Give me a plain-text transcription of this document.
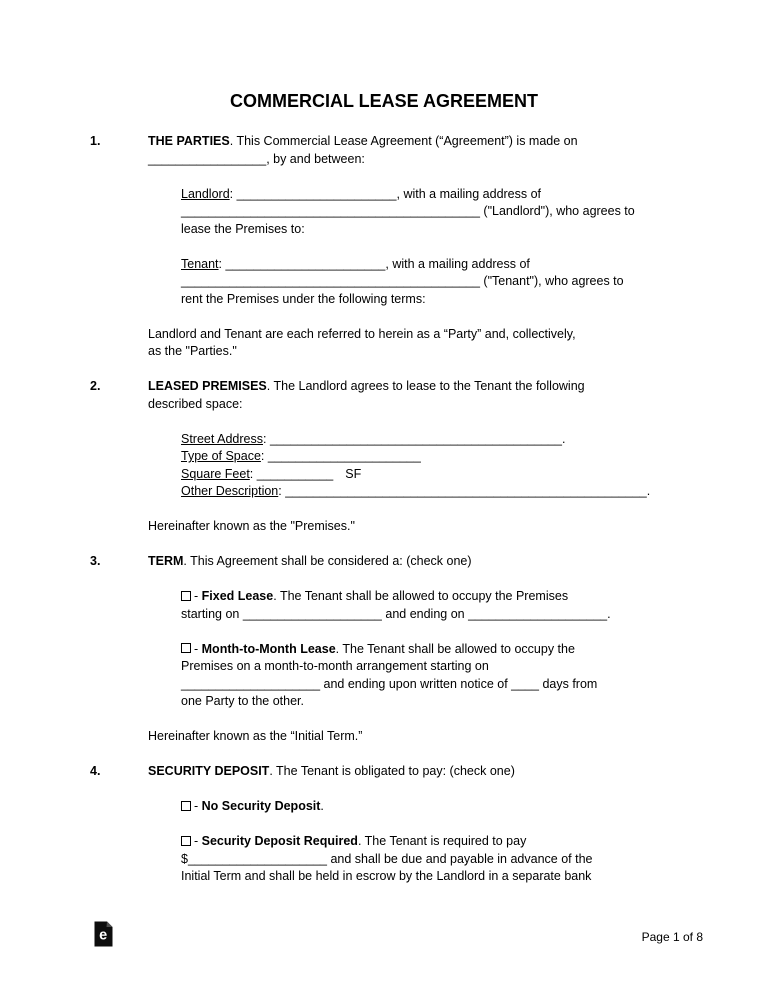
COMMERCIAL LEASE AGREEMENT
1.	THE PARTIES. This Commercial Lease Agreement (“Agreement”) is made on
_________________, by and between:
Landlord: _______________________, with a mailing address of
___________________________________________ ("Landlord"), who agrees to
lease the Premises to:
Tenant: _______________________, with a mailing address of
___________________________________________ ("Tenant"), who agrees to
rent the Premises under the following terms:
Landlord and Tenant are each referred to herein as a “Party” and, collectively,
as the "Parties."
2.	LEASED PREMISES. The Landlord agrees to lease to the Tenant the following
described space:
Street Address: __________________________________________.
Type of Space: ______________________
Square Feet: ___________ SF
Other Description: ____________________________________________________.
Hereinafter known as the "Premises."
3.	TERM. This Agreement shall be considered a: (check one)
- Fixed Lease. The Tenant shall be allowed to occupy the Premises
starting on ____________________ and ending on ____________________.
- Month-to-Month Lease. The Tenant shall be allowed to occupy the
Premises on a month-to-month arrangement starting on
____________________ and ending upon written notice of ____ days from
one Party to the other.
Hereinafter known as the “Initial Term.”
4.	SECURITY DEPOSIT. The Tenant is obligated to pay: (check one)
- No Security Deposit.
- Security Deposit Required. The Tenant is required to pay
$____________________ and shall be due and payable in advance of the
Initial Term and shall be held in escrow by the Landlord in a separate bank
e	Page 1 of 8
